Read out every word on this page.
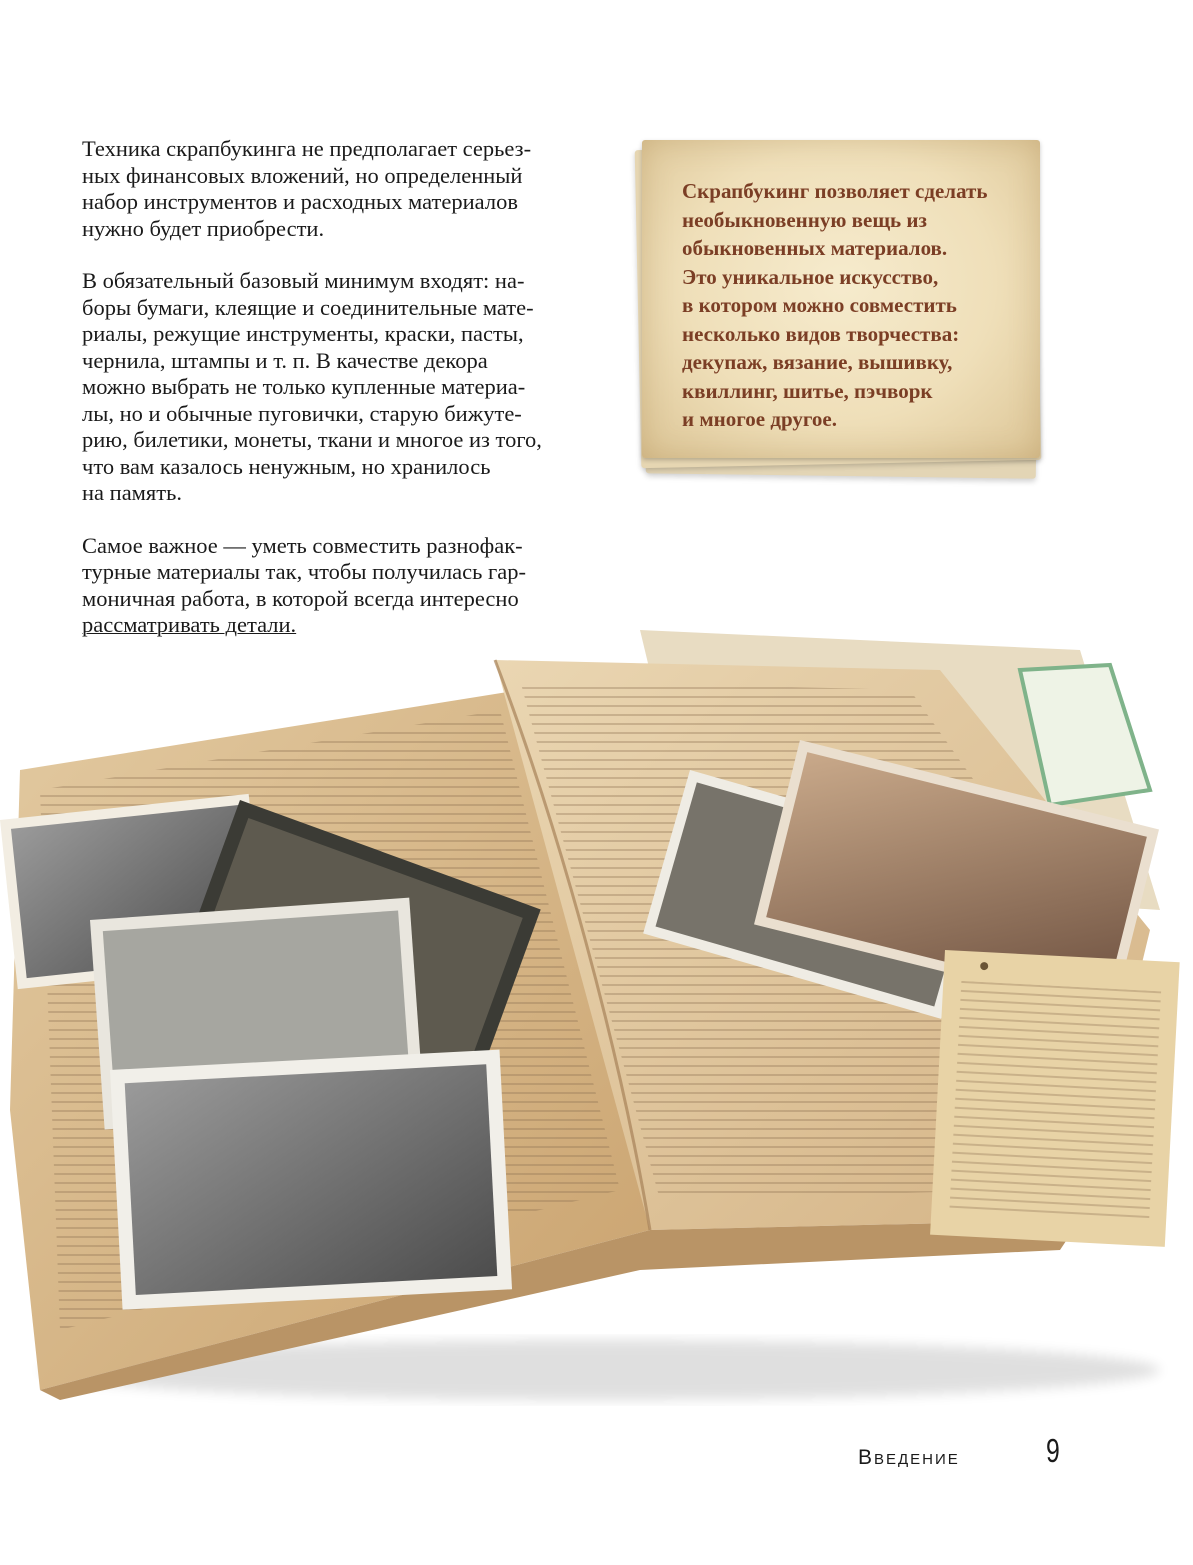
Техника скрапбукинга не предполагает серьез-
ных финансовых вложений, но определенный
набор инструментов и расходных материалов
нужно будет приобрести.

В обязательный базовый минимум входят: на-
боры бумаги, клеящие и соединительные мате-
риалы, режущие инструменты, краски, пасты,
чернила, штампы и т. п. В качестве декора
можно выбрать не только купленные материа-
лы, но и обычные пуговички, старую бижуте-
рию, билетики, монеты, ткани и многое из того,
что вам казалось ненужным, но хранилось
на память.

Самое важное — уметь совместить разнофак-
турные материалы так, чтобы получилась гар-
моничная работа, в которой всегда интересно
рассматривать детали.

Скрапбукинг позволяет сделать
необыкновенную вещь из
обыкновенных материалов.
Это уникальное искусство,
в котором можно совместить
несколько видов творчества:
декупаж, вязание, вышивку,
квиллинг, шитье, пэчворк
и многое другое.
Введение	9
